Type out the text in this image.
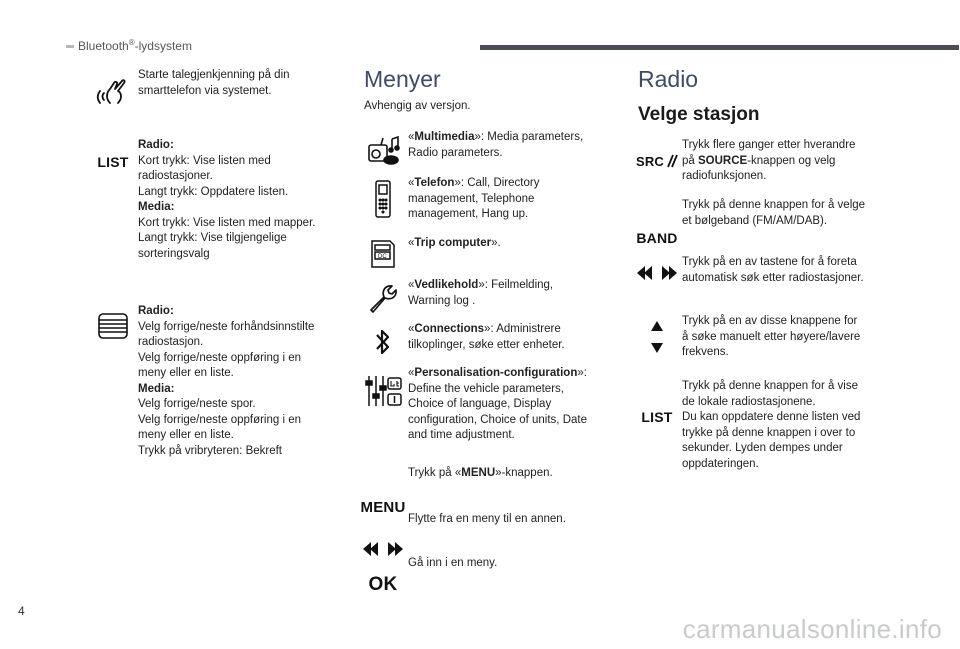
Bluetooth®-lydsystem
Starte talegjenkjenning på din
smarttelefon via systemet.
LIST
Radio:
Kort trykk: Vise listen med
radiostasjoner.
Langt trykk: Oppdatere listen.
Media:
Kort trykk: Vise listen med mapper.
Langt trykk: Vise tilgjengelige
sorteringsvalg
Radio:
Velg forrige/neste forhåndsinnstilte
radiostasjon.
Velg forrige/neste oppføring i en
meny eller en liste.
Media:
Velg forrige/neste spor.
Velg forrige/neste oppføring i en
meny eller en liste.
Trykk på vribryteren: Bekreft
Menyer
Avhengig av versjon.
«Multimedia»: Media parameters,
Radio parameters.
«Telefon»: Call, Directory
management, Telephone
management, Hang up.
DC
«Trip computer».
«Vedlikehold»: Feilmelding,
Warning log .
«Connections»: Administrere
tilkoplinger, søke etter enheter.
«Personalisation-configuration»:
Define the vehicle parameters,
Choice of language, Display
configuration, Choice of units, Date
and time adjustment.
MENU
Trykk på «MENU»-knappen.
Flytte fra en meny til en annen.
OK
Gå inn i en meny.
Radio
Velge stasjon
SRC
Trykk flere ganger etter hverandre
på SOURCE-knappen og velg
radiofunksjonen.
BAND
Trykk på denne knappen for å velge
et bølgeband (FM/AM/DAB).
Trykk på en av tastene for å foreta
automatisk søk etter radiostasjoner.
Trykk på en av disse knappene for
å søke manuelt etter høyere/lavere
frekvens.
LIST
Trykk på denne knappen for å vise
de lokale radiostasjonene.
Du kan oppdatere denne listen ved
trykke på denne knappen i over to
sekunder. Lyden dempes under
oppdateringen.
4
carmanualsonline.info
